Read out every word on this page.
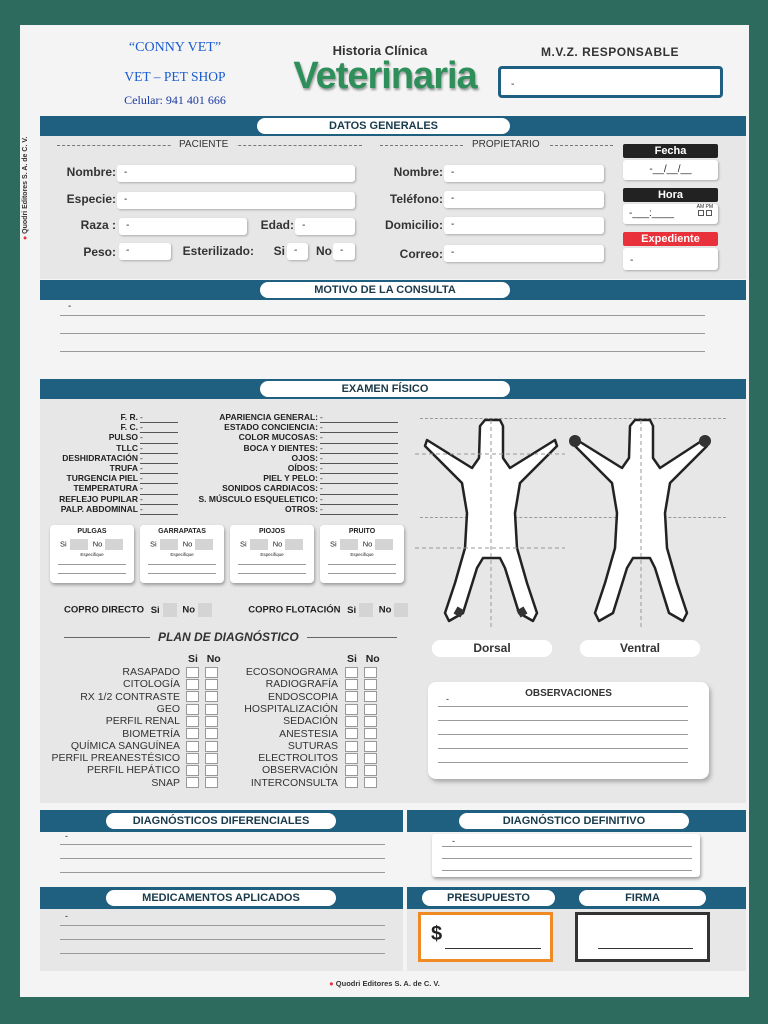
“CONNY VET”
VET – PET SHOP
Celular: 941 401 666
Historia Clínica
Veterinaria
M.V.Z. RESPONSABLE
-
● Quodri Editores S. A. de C. V.
DATOS GENERALES
PACIENTE	PROPIETARIO
Nombre: -
Especie: -
Raza :	-	Edad: -
Peso:	-	Esterilizado:	Si -	No -
Nombre: -
Teléfono: -
Domicilio: -
Correo: -
Fecha
-__/__/__
Hora
-___:____
AM PM

Expediente
-
MOTIVO DE LA CONSULTA
-
EXAMEN FÍSICO
F. R. -
F. C. -
PULSO -
TLLC -
DESHIDRATACIÓN -
TRUFA -
TURGENCIA PIEL -
TEMPERATURA -
REFLEJO PUPILAR -
PALP. ABDOMINAL -
APARIENCIA GENERAL: -
ESTADO CONCIENCIA: -
COLOR MUCOSAS: -
BOCA Y DIENTES: -
OJOS: -
OÍDOS: -
PIEL Y PELO: -
SONIDOS CARDIACOS: -
S. MÚSCULO ESQUELETICO: -
OTROS: -
PULGAS
Si	No
Especifique
GARRAPATAS
Si	No
Especifique
PIOJOS
Si	No
Especifique
PRUITO
Si	No
Especifique
COPRO DIRECTO Si No	COPRO FLOTACIÓN Si No
Dorsal	Ventral
PLAN DE DIAGNÓSTICO
Si No	Si No
RASAPADO
CITOLOGÍA
RX 1/2 CONTRASTE
GEO
PERFIL RENAL
BIOMETRÍA
QUÍMICA SANGUÍNEA
PERFIL PREANESTÉSICO
PERFIL HEPÁTICO
SNAP
ECOSONOGRAMA
RADIOGRAFÍA
ENDOSCOPIA
HOSPITALIZACIÓN
SEDACIÓN
ANESTESIA
SUTURAS
ELECTROLITOS
OBSERVACIÓN
INTERCONSULTA
OBSERVACIONES
-
DIAGNÓSTICOS DIFERENCIALES
-
DIAGNÓSTICO DEFINITIVO
-
MEDICAMENTOS APLICADOS
-
PRESUPUESTO	FIRMA
$
● Quodri Editores S. A. de C. V.
